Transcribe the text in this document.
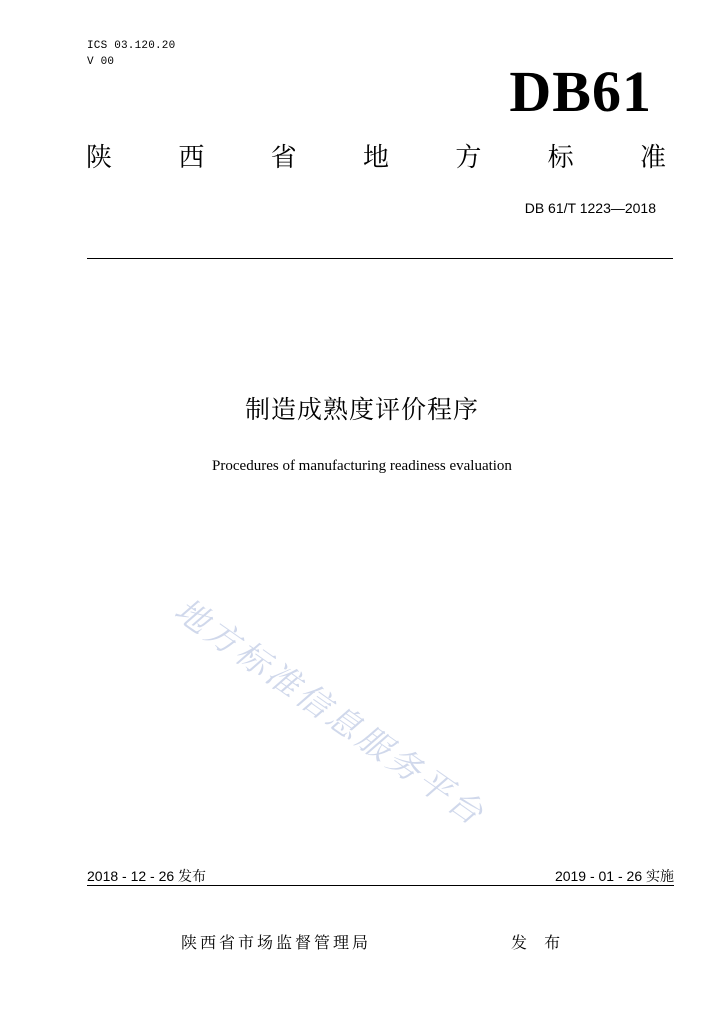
ICS 03.120.20
V 00	DB61
陕	西	省	地	方	标	准
DB 61/T 1223—2018
制造成熟度评价程序
Procedures of manufacturing readiness evaluation
地方标准信息服务平台
2018 - 12 - 26 发布	2019 - 01 - 26 实施
陕西省市场监督管理局	发 布
